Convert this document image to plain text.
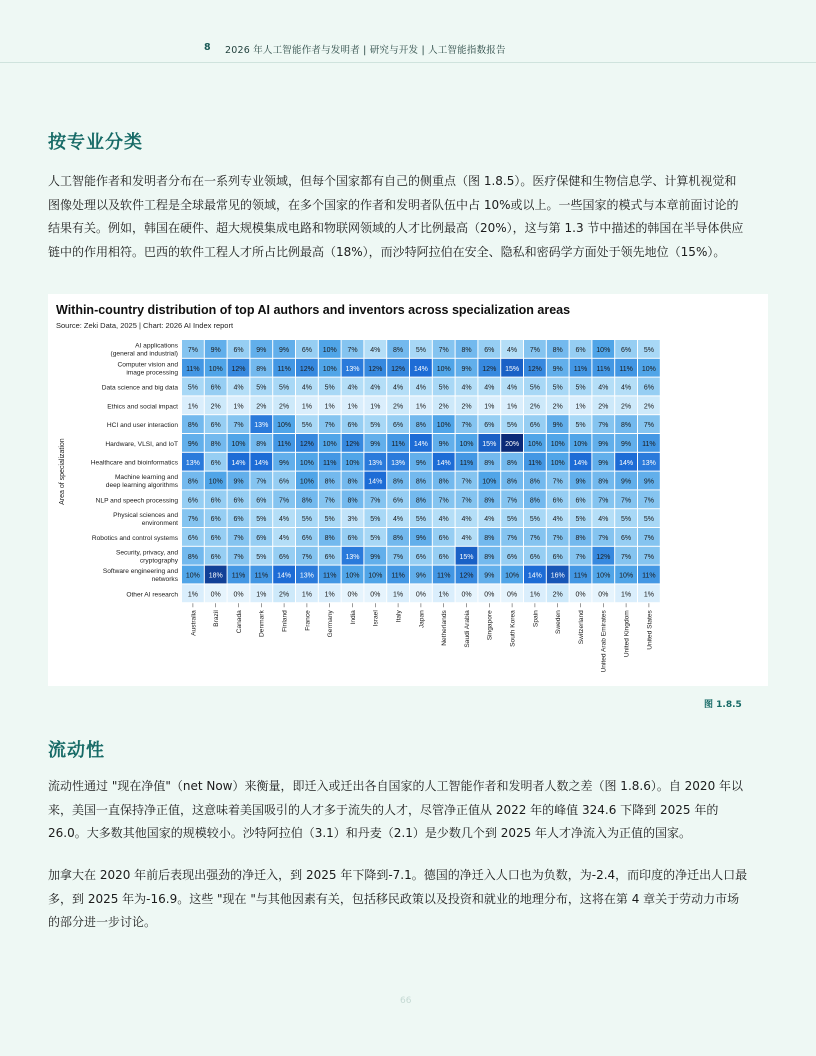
8 2026 年人工智能作者与发明者 | 研究与开发 | 人工智能指数报告
按专业分类

人工智能作者和发明者分布在一系列专业领域，但每个国家都有自己的侧重点（图 1.8.5）。医疗保健和生物信息学、计算机视觉和图像处理以及软件工程是全球最常见的领域，在多个国家的作者和发明者队伍中占 10%或以上。一些国家的模式与本章前面讨论的结果有关。例如，韩国在硬件、超大规模集成电路和物联网领域的人才比例最高（20%），这与第 1.3 节中描述的韩国在半导体供应链中的作用相符。巴西的软件工程人才所占比例最高（18%），而沙特阿拉伯在安全、隐私和密码学方面处于领先地位（15%）。

Within-country distribution of top AI authors and inventors across specialization areas
Source: Zeki Data, 2025 | Chart: 2026 AI Index report
7% 9% 6% 9% 9% 6% 10% 7% 4% 8% 5% 7% 8% 6% 4% 7% 8% 6% 10% 6% 5%
AI applications
(general and industrial)
11% 10% 12% 8% 11% 12% 10% 13% 12% 12% 14% 10% 9% 12% 15% 12% 9% 11% 11% 11% 10%
Computer vision and
image processing
5% 6% 4% 5% 5% 4% 5% 4% 4% 4% 4% 5% 4% 4% 4% 5% 5% 5% 4% 4% 6%
Data science and big data
1% 2% 1% 2% 2% 1% 1% 1% 1% 2% 1% 2% 2% 1% 1% 2% 2% 1% 2% 2% 2%
Ethics and social impact
8% 6% 7% 13% 10% 5% 7% 6% 5% 6% 8% 10% 7% 6% 5% 6% 9% 5% 7% 8% 7%
HCI and user interaction
9% 8% 10% 8% 11% 12% 10% 12% 9% 11% 14% 9% 10% 15% 20% 10% 10% 10% 9% 9% 11%
Hardware, VLSI, and IoT
13% 6% 14% 14% 9% 10% 11% 10% 13% 13% 9% 14% 11% 8% 8% 11% 10% 14% 9% 14% 13%
Healthcare and bioinformatics
8% 10% 9% 7% 6% 10% 8% 8% 14% 8% 8% 8% 7% 10% 8% 8% 7% 9% 8% 9% 9%
Machine learning and
deep learning algorithms
6% 6% 6% 6% 7% 8% 7% 8% 7% 6% 8% 7% 7% 8% 7% 8% 6% 6% 7% 7% 7%
NLP and speech processing
7% 6% 6% 5% 4% 5% 5% 3% 5% 4% 5% 4% 4% 4% 5% 5% 4% 5% 4% 5% 5%
Physical sciences and
environment
6% 6% 7% 6% 4% 6% 8% 6% 5% 8% 9% 6% 4% 8% 7% 7% 7% 8% 7% 6% 7%
Robotics and control systems
8% 6% 7% 5% 6% 7% 6% 13% 9% 7% 6% 6% 15% 8% 6% 6% 6% 7% 12% 7% 7%
Security, privacy, and
cryptography
10% 18% 11% 11% 14% 13% 11% 10% 10% 11% 9% 11% 12% 9% 10% 14% 16% 11% 10% 10% 11%
Software engineering and
networks
1% 0% 0% 1% 2% 1% 1% 0% 0% 1% 0% 1% 0% 0% 0% 1% 2% 0% 0% 1% 1%
Other AI research
Australia Brazil Canada Denmark Finland France Germany India Israel Italy Japan Netherlands Saudi Arabia Singapore South Korea Spain Sweden Switzerland United Arab Emirates United Kingdom United States
Area of specialization
图 1.8.5
流动性

流动性通过 "现在净值"（net Now）来衡量，即迁入或迁出各自国家的人工智能作者和发明者人数之差（图 1.8.6）。自 2020 年以来，美国一直保持净正值，这意味着美国吸引的人才多于流失的人才，尽管净正值从 2022 年的峰值 324.6 下降到 2025 年的 26.0。大多数其他国家的规模较小。沙特阿拉伯（3.1）和丹麦（2.1）是少数几个到 2025 年人才净流入为正值的国家。

加拿大在 2020 年前后表现出强劲的净迁入，到 2025 年下降到-7.1。德国的净迁入人口也为负数，为-2.4，而印度的净迁出人口最多，到 2025 年为-16.9。这些 "现在 "与其他因素有关，包括移民政策以及投资和就业的地理分布，这将在第 4 章关于劳动力市场的部分进一步讨论。

66
